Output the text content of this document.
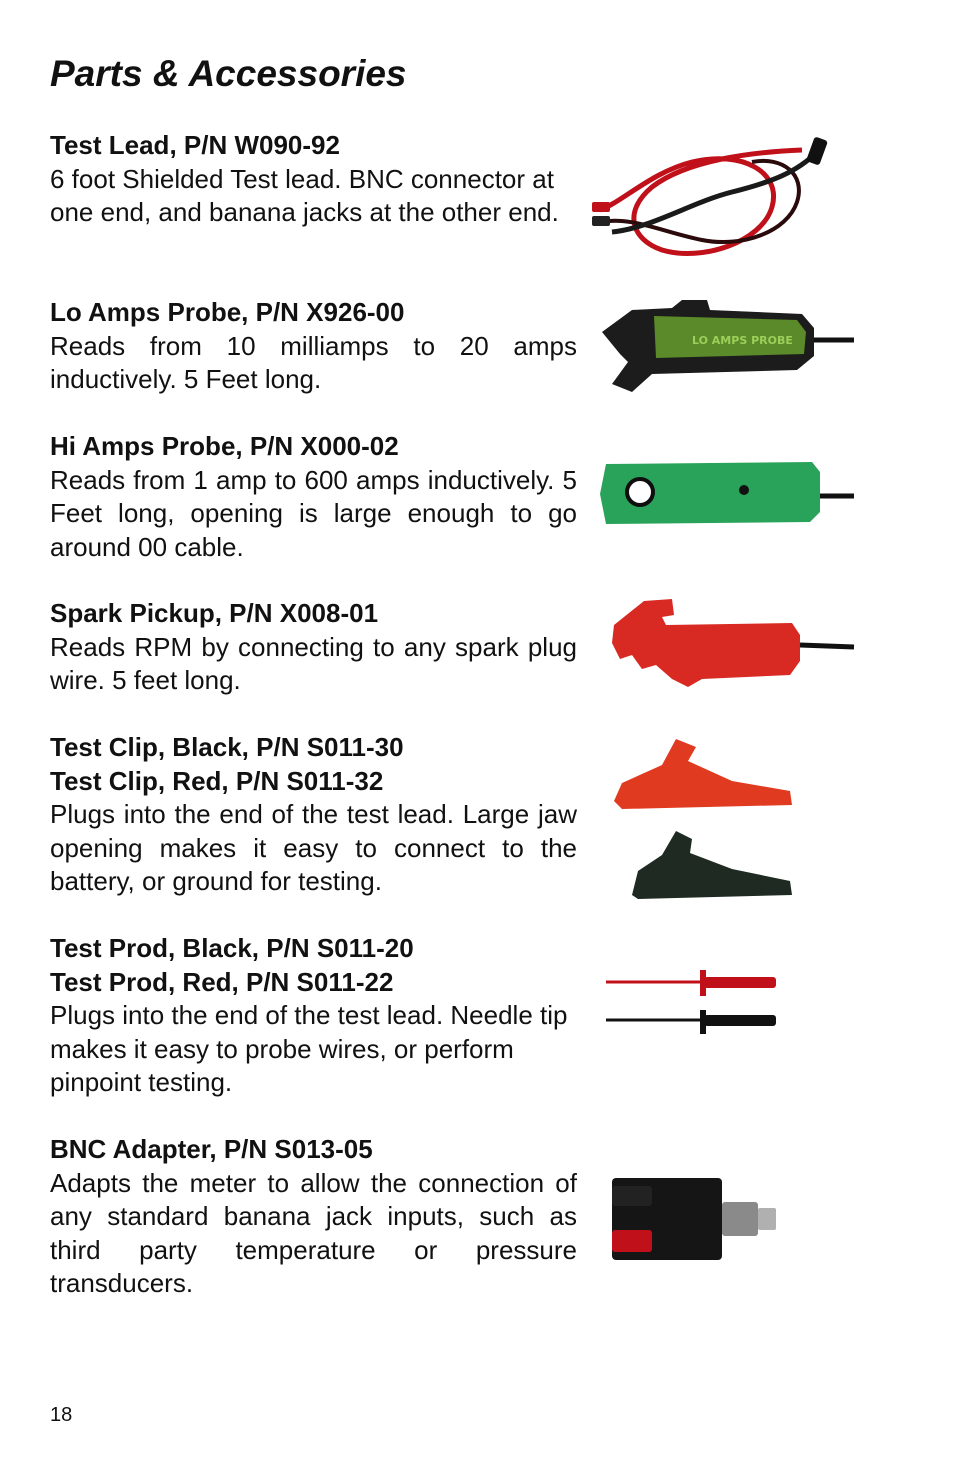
Parts & Accessories

Test Lead, P/N W090-92

6 foot Shielded Test lead. BNC connector at one end, and banana jacks at the other end.

Lo Amps Probe, P/N X926-00

Reads from 10 milliamps to 20 amps inductively. 5 Feet long.

LO AMPS PROBE

Hi Amps Probe, P/N X000-02

Reads from 1 amp to 600 amps inductively. 5 Feet long, opening is large enough to go around 00 cable.

Spark Pickup, P/N X008-01

Reads RPM by connecting to any spark plug wire. 5 feet long.

Test Clip, Black, P/N S011-30

Test Clip, Red, P/N S011-32

Plugs into the end of the test lead. Large jaw opening makes it easy to connect to the battery, or ground for testing.

Test Prod, Black, P/N S011-20

Test Prod, Red, P/N S011-22

Plugs into the end of the test lead. Needle tip makes it easy to probe wires, or perform pinpoint testing.

BNC Adapter, P/N S013-05

Adapts the meter to allow the connection of any standard banana jack inputs, such as third party temperature or pressure transducers.

18
